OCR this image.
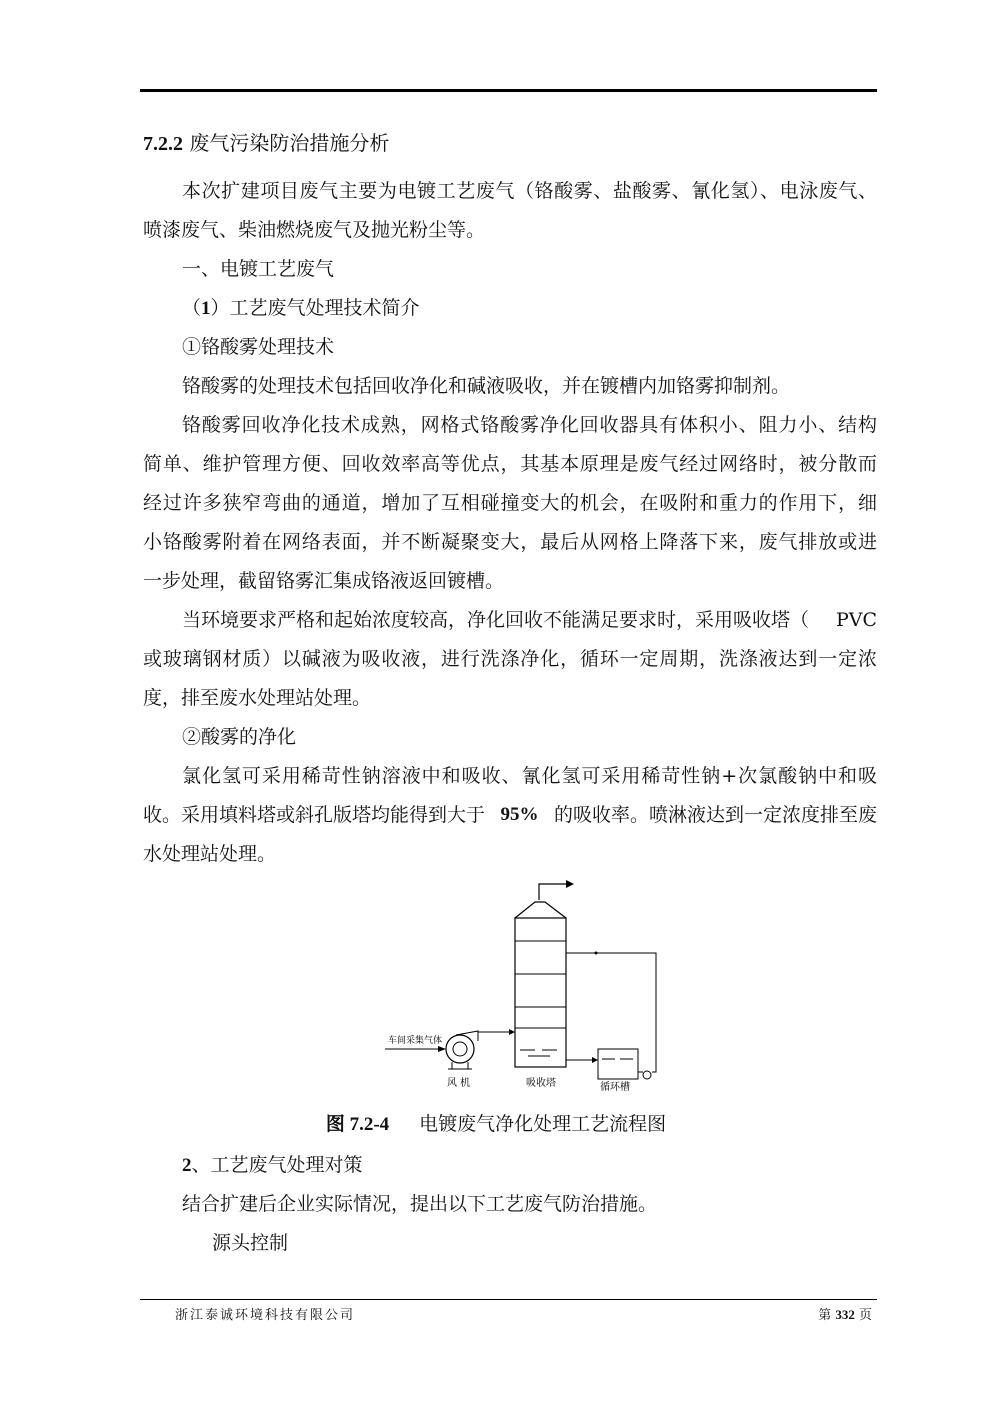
7.2.2 废气污染防治措施分析
本次扩建项目废气主要为电镀工艺废气（铬酸雾、盐酸雾、氰化氢）、电泳废气、
喷漆废气、柴油燃烧废气及抛光粉尘等。
一、电镀工艺废气
（1）工艺废气处理技术简介
①铬酸雾处理技术
铬酸雾的处理技术包括回收净化和碱液吸收，并在镀槽内加铬雾抑制剂。
铬酸雾回收净化技术成熟，网格式铬酸雾净化回收器具有体积小、阻力小、结构
简单、维护管理方便、回收效率高等优点，其基本原理是废气经过网络时，被分散而
经过许多狭窄弯曲的通道，增加了互相碰撞变大的机会，在吸附和重力的作用下，细
小铬酸雾附着在网络表面，并不断凝聚变大，最后从网格上降落下来，废气排放或进
一步处理，截留铬雾汇集成铬液返回镀槽。
当环境要求严格和起始浓度较高，净化回收不能满足要求时，采用吸收塔（ PVC
或玻璃钢材质）以碱液为吸收液，进行洗涤净化，循环一定周期，洗涤液达到一定浓
度，排至废水处理站处理。
②酸雾的净化
氯化氢可采用稀苛性钠溶液中和吸收、氰化氢可采用稀苛性钠+次氯酸钠中和吸
收。采用填料塔或斜孔版塔均能得到大于 95% 的吸收率。喷淋液达到一定浓度排至废
水处理站处理。
车间采集气体
风 机	吸收塔	循环槽
图 7.2-4 电镀废气净化处理工艺流程图
2、工艺废气处理对策
结合扩建后企业实际情况，提出以下工艺废气防治措施。
源头控制
浙江泰诚环境科技有限公司	第 332 页
